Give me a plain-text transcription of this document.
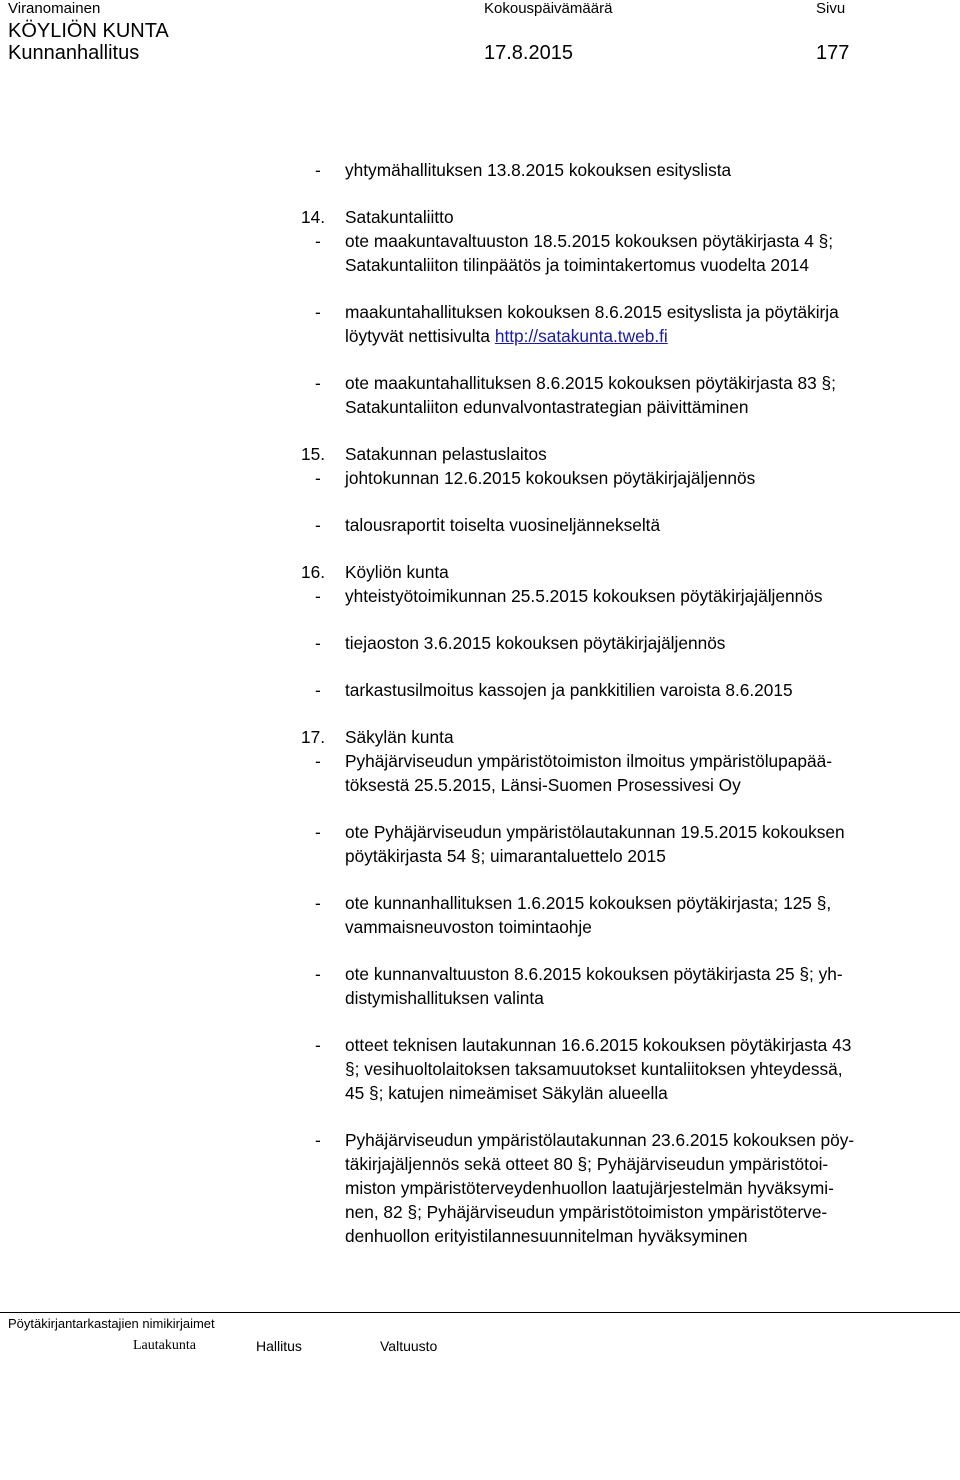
Viranomainen	Kokouspäivämäärä	Sivu
KÖYLIÖN KUNTA
Kunnanhallitus	17.8.2015	177
- yhtymähallituksen 13.8.2015 kokouksen esityslista
14. Satakuntaliitto
- ote maakuntavaltuuston 18.5.2015 kokouksen pöytäkirjasta 4 §;
Satakuntaliiton tilinpäätös ja toimintakertomus vuodelta 2014
- maakuntahallituksen kokouksen 8.6.2015 esityslista ja pöytäkirja
löytyvät nettisivulta http://satakunta.tweb.fi
- ote maakuntahallituksen 8.6.2015 kokouksen pöytäkirjasta 83 §;
Satakuntaliiton edunvalvontastrategian päivittäminen
15. Satakunnan pelastuslaitos
- johtokunnan 12.6.2015 kokouksen pöytäkirjajäljennös
- talousraportit toiselta vuosineljännekseltä
16. Köyliön kunta
- yhteistyötoimikunnan 25.5.2015 kokouksen pöytäkirjajäljennös
- tiejaoston 3.6.2015 kokouksen pöytäkirjajäljennös
- tarkastusilmoitus kassojen ja pankkitilien varoista 8.6.2015
17. Säkylän kunta
- Pyhäjärviseudun ympäristötoimiston ilmoitus ympäristölupapää-
töksestä 25.5.2015, Länsi-Suomen Prosessivesi Oy
- ote Pyhäjärviseudun ympäristölautakunnan 19.5.2015 kokouksen
pöytäkirjasta 54 §; uimarantaluettelo 2015
- ote kunnanhallituksen 1.6.2015 kokouksen pöytäkirjasta; 125 §,
vammaisneuvoston toimintaohje
- ote kunnanvaltuuston 8.6.2015 kokouksen pöytäkirjasta 25 §; yh-
distymishallituksen valinta
- otteet teknisen lautakunnan 16.6.2015 kokouksen pöytäkirjasta 43
§; vesihuoltolaitoksen taksamuutokset kuntaliitoksen yhteydessä,
45 §; katujen nimeämiset Säkylän alueella
- Pyhäjärviseudun ympäristölautakunnan 23.6.2015 kokouksen pöy-
täkirjajäljennös sekä otteet 80 §; Pyhäjärviseudun ympäristötoi-
miston ympäristöterveydenhuollon laatujärjestelmän hyväksymi-
nen, 82 §; Pyhäjärviseudun ympäristötoimiston ympäristöterve-
denhuollon erityistilannesuunnitelman hyväksyminen
Pöytäkirjantarkastajien nimikirjaimet
Lautakunta	Hallitus	Valtuusto
